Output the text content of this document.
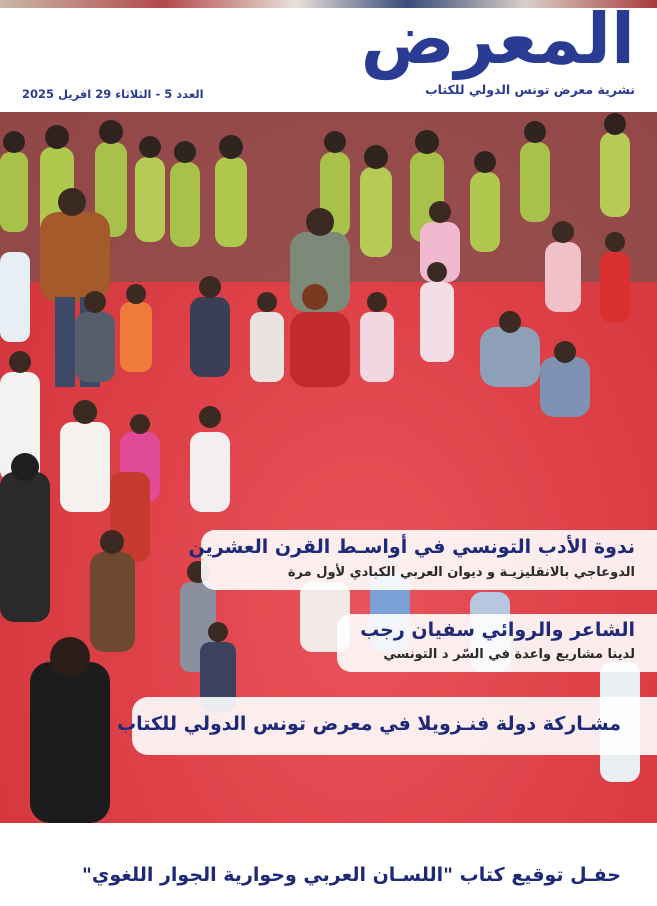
المعرض
نشرية معرض تونس الدولي للكتاب
العدد 5 - الثلاثاء 29 افريل 2025
ندوة الأدب التونسي في أواسـط القرن العشرين
الدوعاجي بالانقليزيـة و ديوان العربي الكبادي لأول مرة
الشاعر والروائي سفيان رجب
لدينا مشاريع واعدة في السّر د التونسي
مشـاركة دولة فنـزويلا في معرض تونس الدولي للكتاب
حفـل توقيع كتاب "اللسـان العربي وحوارية الجوار اللغوي"
